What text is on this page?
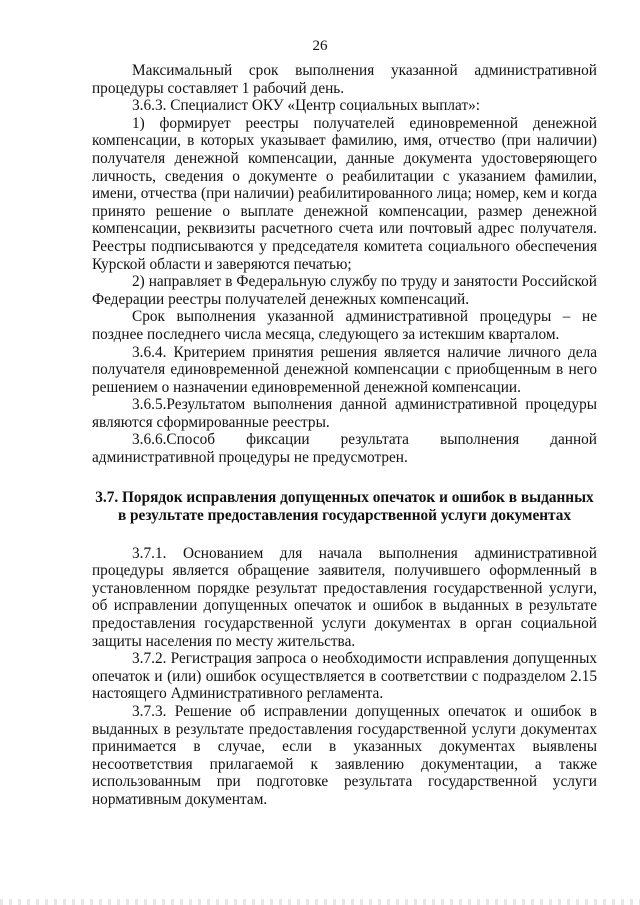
26

Максимальный срок выполнения указанной административной процедуры составляет 1 рабочий день.

3.6.3. Специалист ОКУ «Центр социальных выплат»:

1) формирует реестры получателей единовременной денежной компенсации, в которых указывает фамилию, имя, отчество (при наличии) получателя денежной компенсации, данные документа удостоверяющего личность, сведения о документе о реабилитации с указанием фамилии, имени, отчества (при наличии) реабилитированного лица; номер, кем и когда принято решение о выплате денежной компенсации, размер денежной компенсации, реквизиты расчетного счета или почтовый адрес получателя. Реестры подписываются у председателя комитета социального обеспечения Курской области и заверяются печатью;

2) направляет в Федеральную службу по труду и занятости Российской Федерации реестры получателей денежных компенсаций.

Срок выполнения указанной административной процедуры – не позднее последнего числа месяца, следующего за истекшим кварталом.

3.6.4. Критерием принятия решения является наличие личного дела получателя единовременной денежной компенсации с приобщенным в него решением о назначении единовременной денежной компенсации.

3.6.5.Результатом выполнения данной административной процедуры являются сформированные реестры.

3.6.6.Способ фиксации результата выполнения данной административной процедуры не предусмотрен.

3.7. Порядок исправления допущенных опечаток и ошибок в выданных в результате предоставления государственной услуги документах

3.7.1. Основанием для начала выполнения административной процедуры является обращение заявителя, получившего оформленный в установленном порядке результат предоставления государственной услуги, об исправлении допущенных опечаток и ошибок в выданных в результате предоставления государственной услуги документах в орган социальной защиты населения по месту жительства.

3.7.2. Регистрация запроса о необходимости исправления допущенных опечаток и (или) ошибок осуществляется в соответствии с подразделом 2.15 настоящего Административного регламента.

3.7.3. Решение об исправлении допущенных опечаток и ошибок в выданных в результате предоставления государственной услуги документах принимается в случае, если в указанных документах выявлены несоответствия прилагаемой к заявлению документации, а также использованным при подготовке результата государственной услуги нормативным документам.
